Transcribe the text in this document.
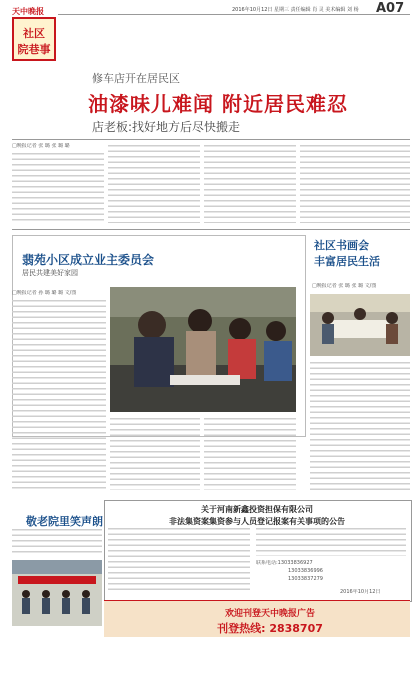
天中晚报
社区
院巷事
2016年10月12日 星期三 责任编辑 肖 灵 美术编辑 刘 杨 A07
修车店开在居民区
油漆味儿难闻 附近居民难忍
店老板:找好地方后尽快搬走
□晚报记者 张 璐 张 璐 璐
翡苑小区成立业主委员会
居民共建美好家园
□晚报记者 孙 璐 璐 璐 文/图
社区书画会
丰富居民生活
□晚报记者 张 璐 张 璐 文/图
敬老院里笑声朗
关于河南新鑫投资担保有限公司
非法集资案集资参与人员登记报案有关事项的公告
联系电话:13033836927
13033836996
13033837279
2016年10月12日
欢迎刊登天中晚报广告
刊登热线: 2838707
